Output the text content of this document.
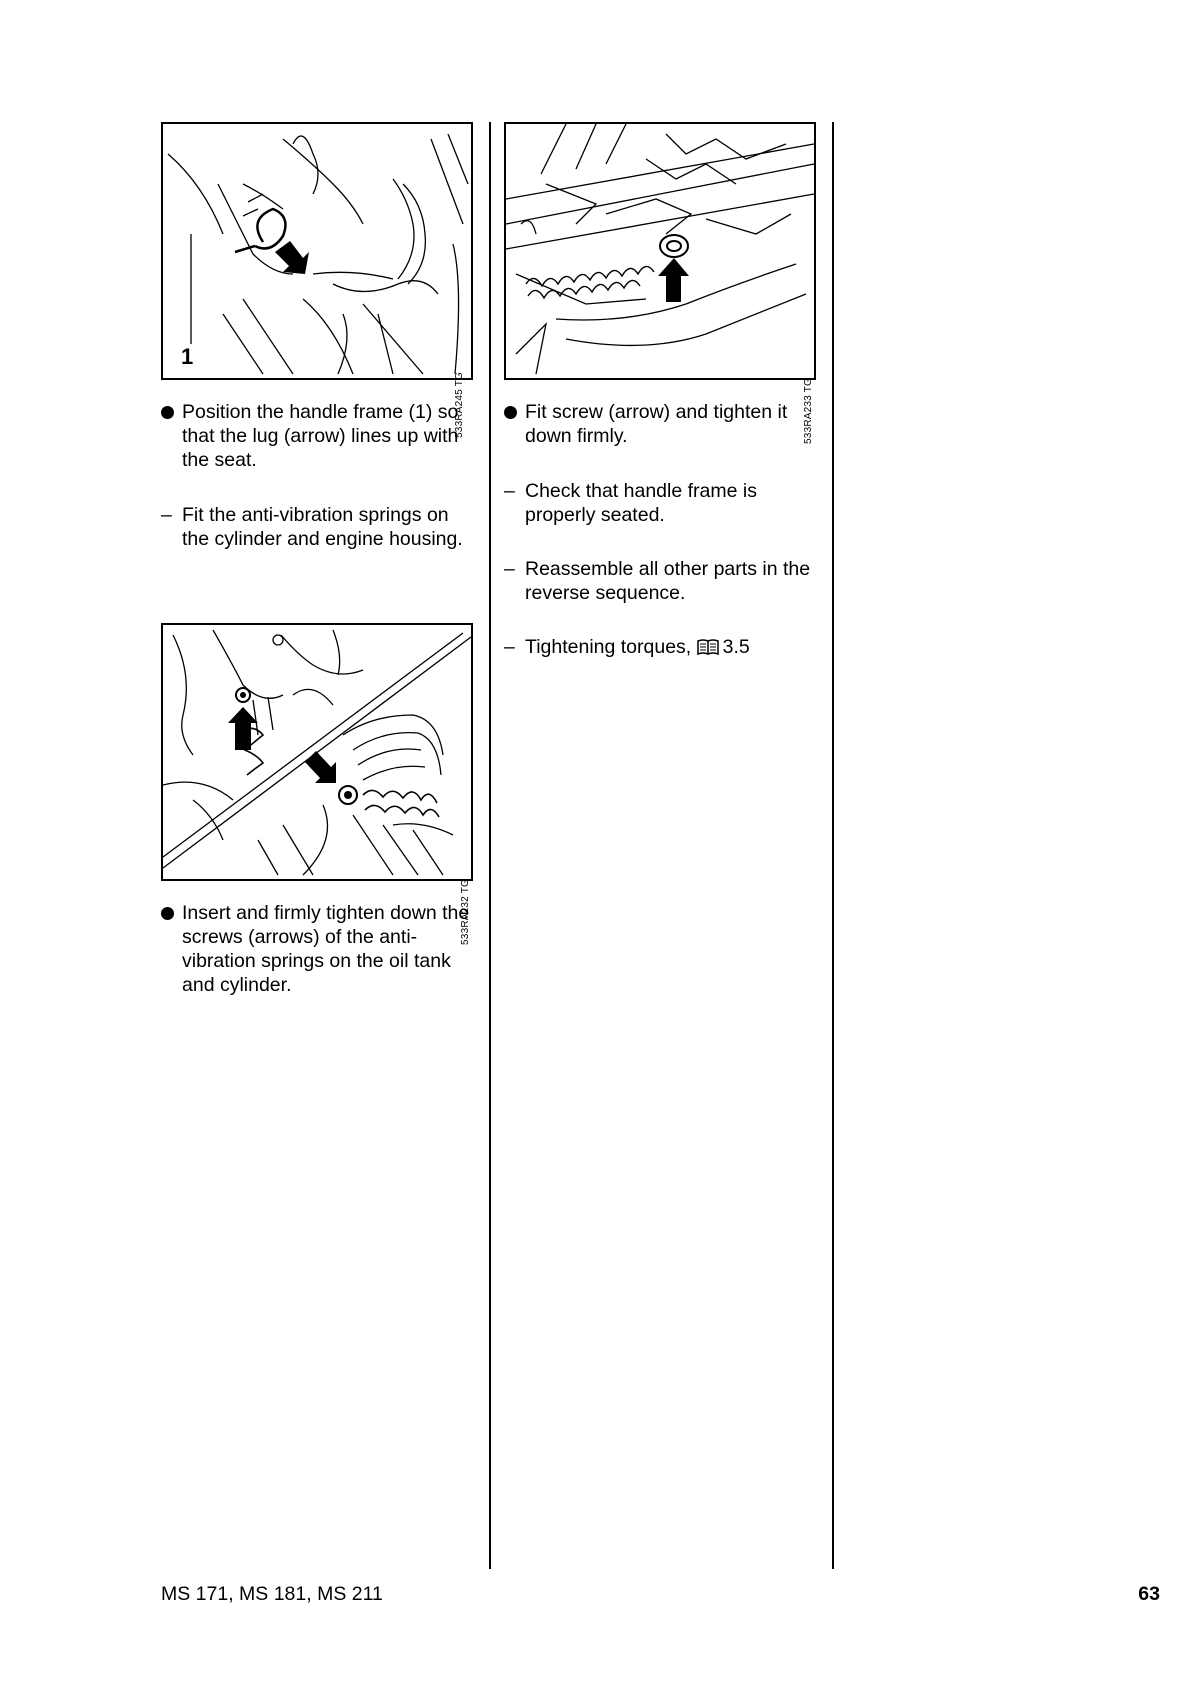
1
533RA245 TG
Position the handle frame (1) so that the lug (arrow) lines up with the seat.
– Fit the anti-vibration springs on the cylinder and engine housing.
533RA232 TG
Insert and firmly tighten down the screws (arrows) of the anti-vibration springs on the oil tank and cylinder.
533RA233 TG
Fit screw (arrow) and tighten it down firmly.
– Check that handle frame is properly seated.
– Reassemble all other parts in the reverse sequence.
– Tightening torques, 3.5
MS 171, MS 181, MS 211	63
